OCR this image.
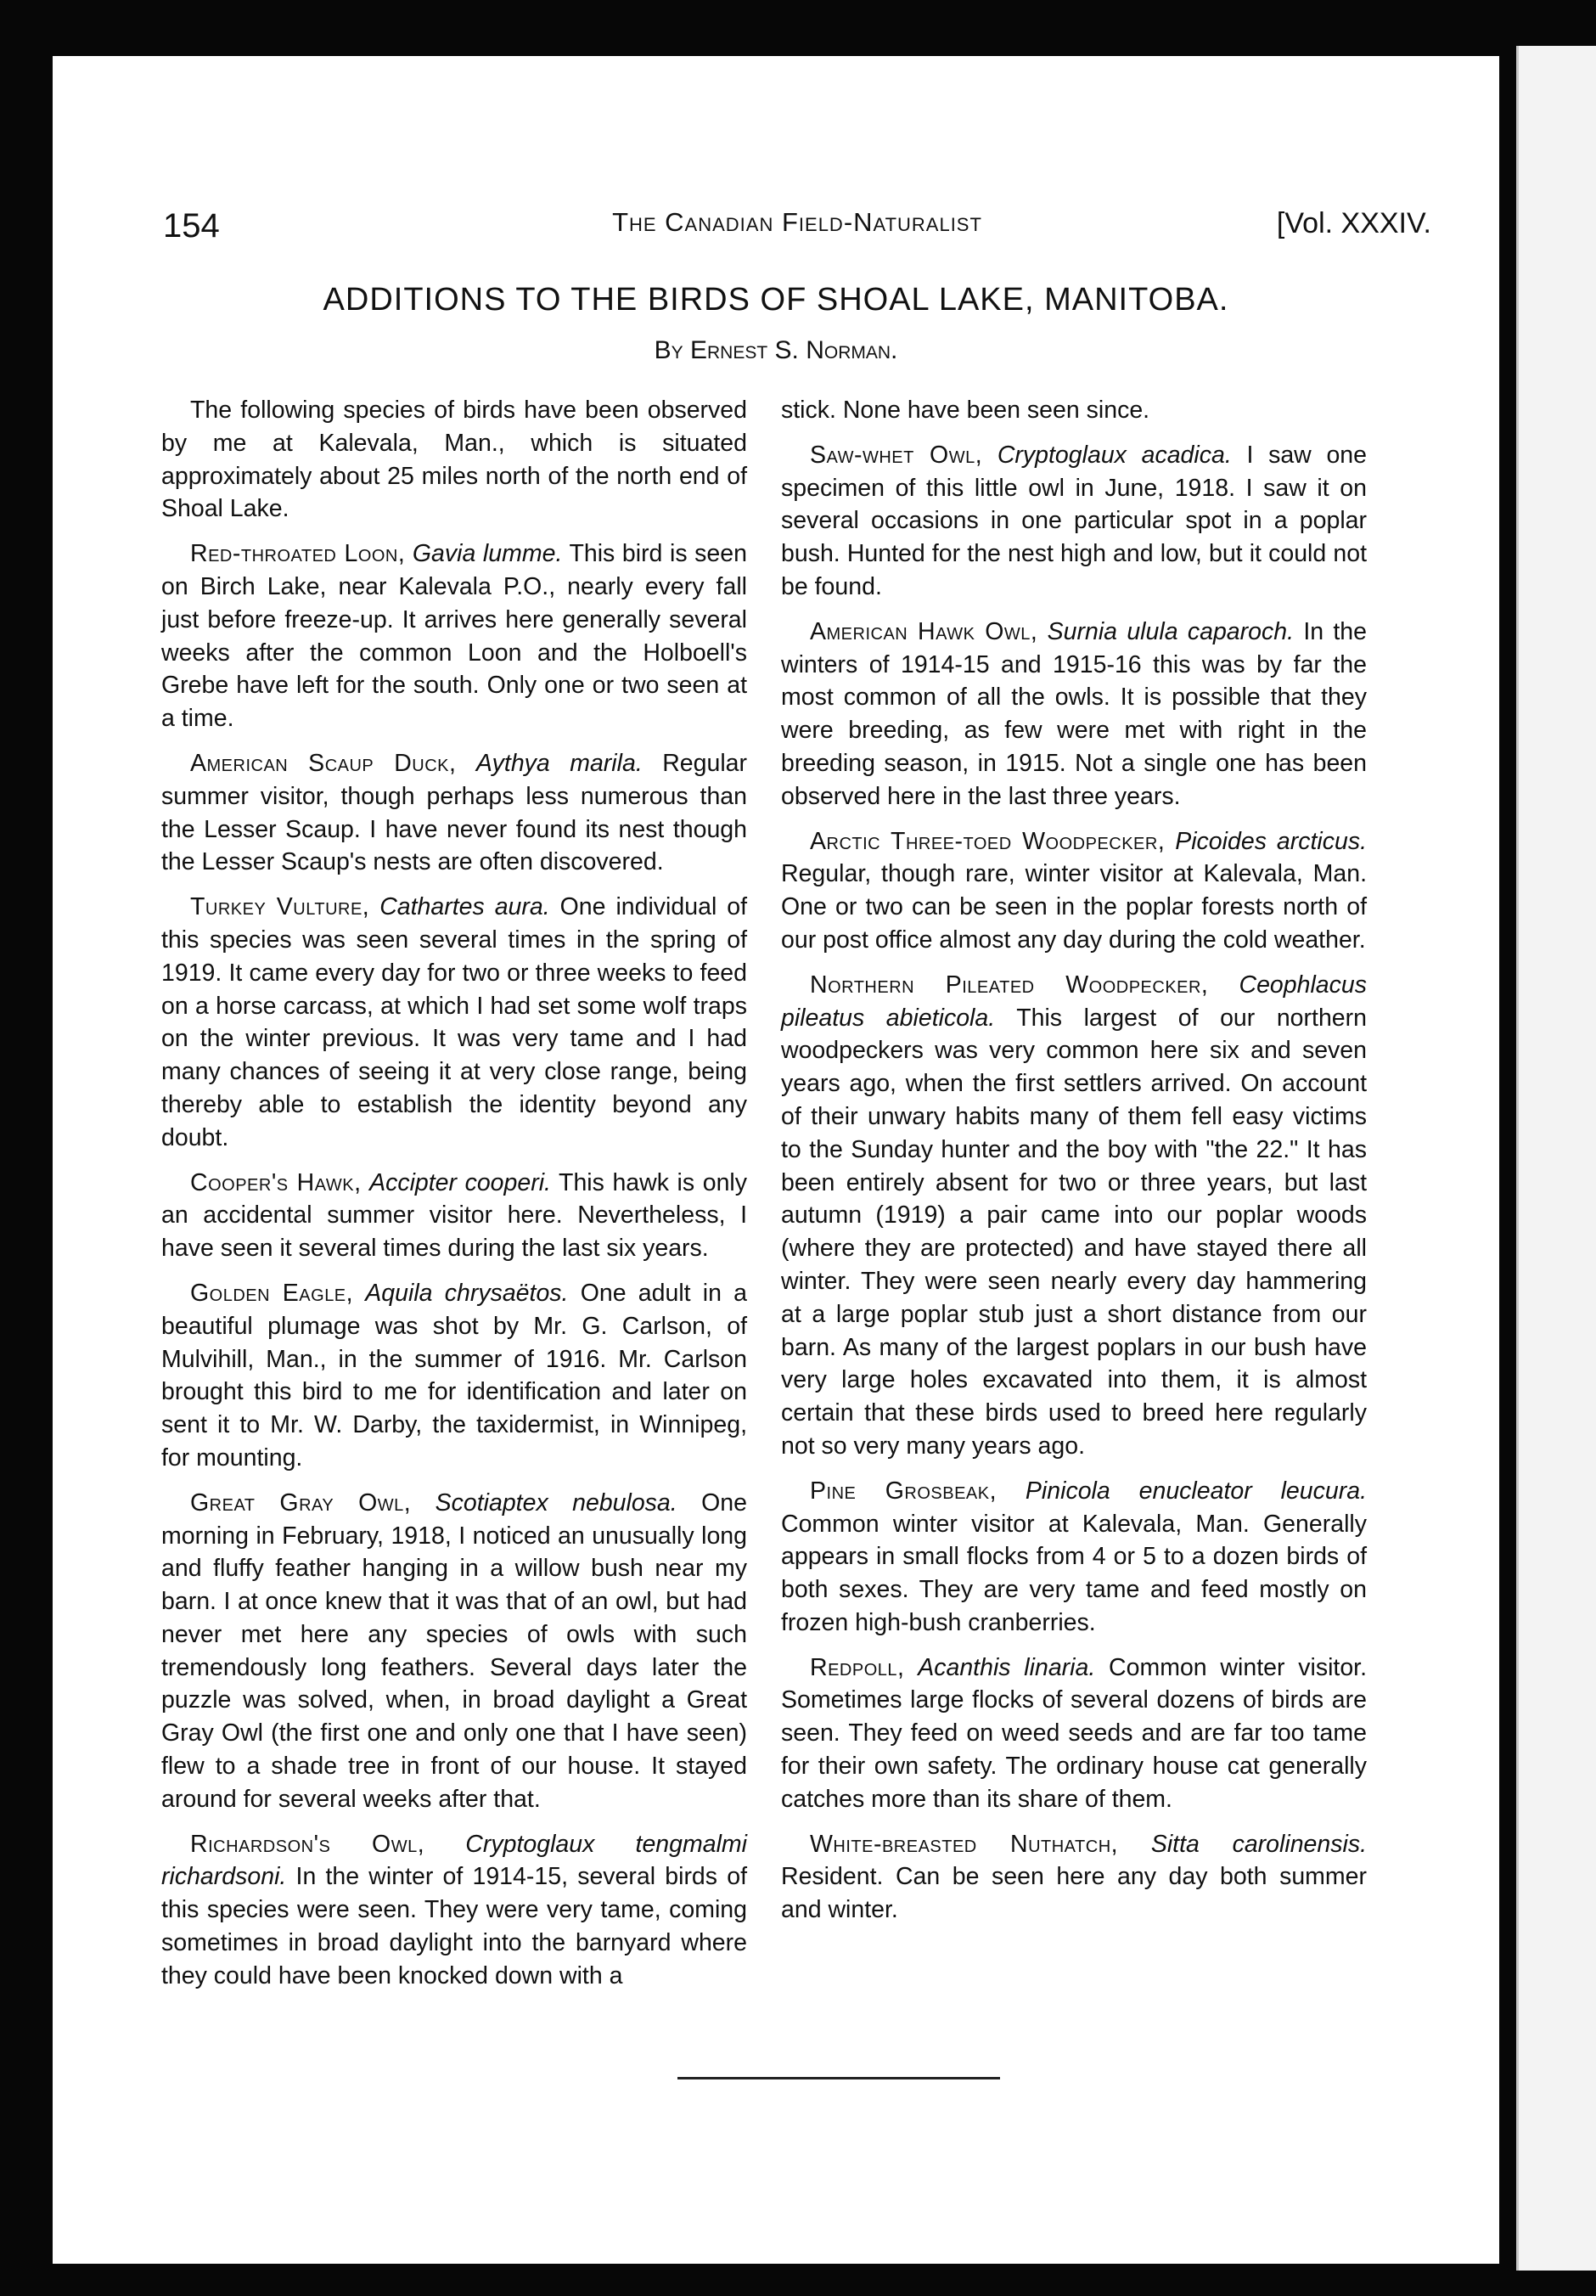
154	The Canadian Field-Naturalist	[Vol. XXXIV.
ADDITIONS TO THE BIRDS OF SHOAL LAKE, MANITOBA.
By Ernest S. Norman.

The following species of birds have been observed by me at Kalevala, Man., which is situated approximately about 25 miles north of the north end of Shoal Lake.

Red-throated Loon, Gavia lumme. This bird is seen on Birch Lake, near Kalevala P.O., nearly every fall just before freeze-up. It arrives here generally several weeks after the common Loon and the Holboell's Grebe have left for the south. Only one or two seen at a time.

American Scaup Duck, Aythya marila. Regular summer visitor, though perhaps less numerous than the Lesser Scaup. I have never found its nest though the Lesser Scaup's nests are often discovered.

Turkey Vulture, Cathartes aura. One individual of this species was seen several times in the spring of 1919. It came every day for two or three weeks to feed on a horse carcass, at which I had set some wolf traps on the winter previous. It was very tame and I had many chances of seeing it at very close range, being thereby able to establish the identity beyond any doubt.

Cooper's Hawk, Accipter cooperi. This hawk is only an accidental summer visitor here. Nevertheless, I have seen it several times during the last six years.

Golden Eagle, Aquila chrysaëtos. One adult in a beautiful plumage was shot by Mr. G. Carlson, of Mulvihill, Man., in the summer of 1916. Mr. Carlson brought this bird to me for identification and later on sent it to Mr. W. Darby, the taxidermist, in Winnipeg, for mounting.

Great Gray Owl, Scotiaptex nebulosa. One morning in February, 1918, I noticed an unusually long and fluffy feather hanging in a willow bush near my barn. I at once knew that it was that of an owl, but had never met here any species of owls with such tremendously long feathers. Several days later the puzzle was solved, when, in broad daylight a Great Gray Owl (the first one and only one that I have seen) flew to a shade tree in front of our house. It stayed around for several weeks after that.

Richardson's Owl, Cryptoglaux tengmalmi richardsoni. In the winter of 1914-15, several birds of this species were seen. They were very tame, coming sometimes in broad daylight into the barnyard where they could have been knocked down with a

stick. None have been seen since.

Saw-whet Owl, Cryptoglaux acadica. I saw one specimen of this little owl in June, 1918. I saw it on several occasions in one particular spot in a poplar bush. Hunted for the nest high and low, but it could not be found.

American Hawk Owl, Surnia ulula caparoch. In the winters of 1914-15 and 1915-16 this was by far the most common of all the owls. It is possible that they were breeding, as few were met with right in the breeding season, in 1915. Not a single one has been observed here in the last three years.

Arctic Three-toed Woodpecker, Picoides arcticus. Regular, though rare, winter visitor at Kalevala, Man. One or two can be seen in the poplar forests north of our post office almost any day during the cold weather.

Northern Pileated Woodpecker, Ceophlacus pileatus abieticola. This largest of our northern woodpeckers was very common here six and seven years ago, when the first settlers arrived. On account of their unwary habits many of them fell easy victims to the Sunday hunter and the boy with "the 22." It has been entirely absent for two or three years, but last autumn (1919) a pair came into our poplar woods (where they are protected) and have stayed there all winter. They were seen nearly every day hammering at a large poplar stub just a short distance from our barn. As many of the largest poplars in our bush have very large holes excavated into them, it is almost certain that these birds used to breed here regularly not so very many years ago.

Pine Grosbeak, Pinicola enucleator leucura. Common winter visitor at Kalevala, Man. Generally appears in small flocks from 4 or 5 to a dozen birds of both sexes. They are very tame and feed mostly on frozen high-bush cranberries.

Redpoll, Acanthis linaria. Common winter visitor. Sometimes large flocks of several dozens of birds are seen. They feed on weed seeds and are far too tame for their own safety. The ordinary house cat generally catches more than its share of them.

White-breasted Nuthatch, Sitta carolinensis. Resident. Can be seen here any day both summer and winter.
